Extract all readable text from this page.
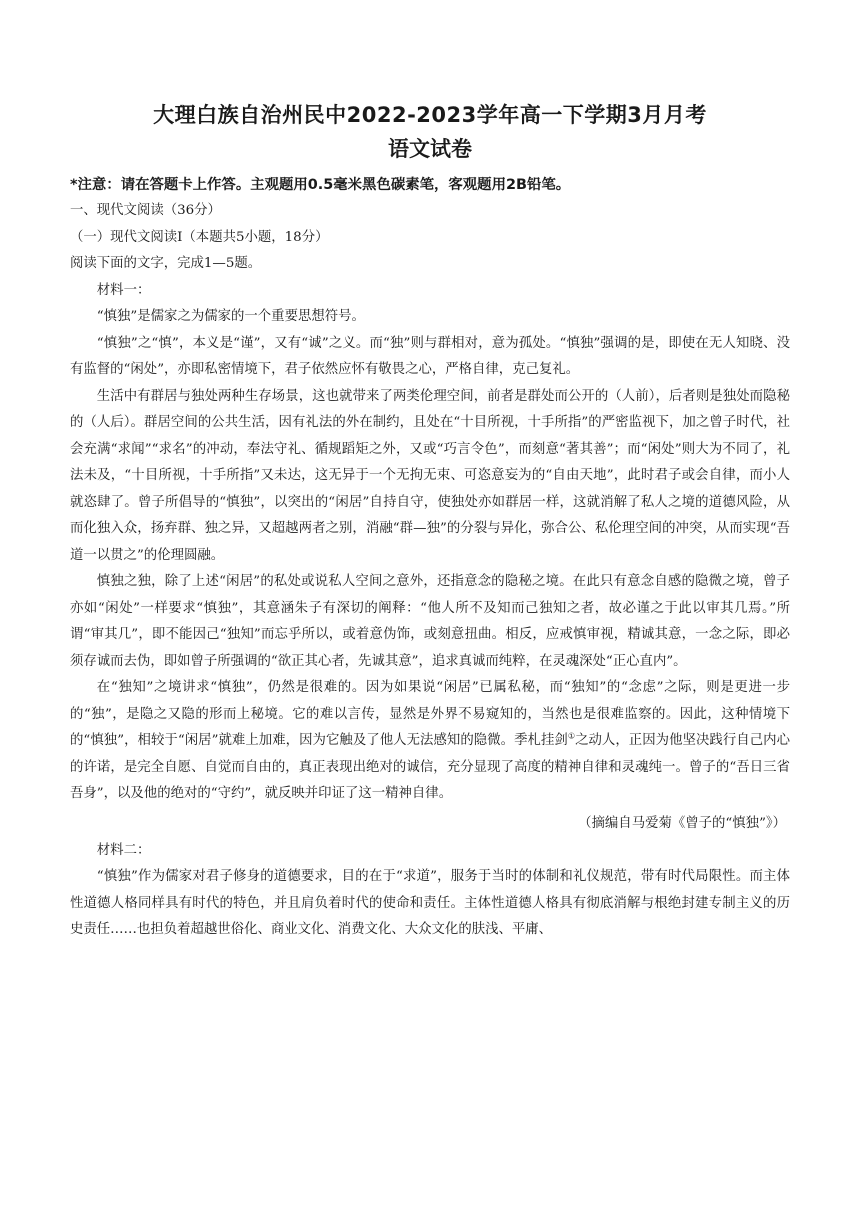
大理白族自治州民中2022-2023学年高一下学期3月月考
语文试卷

*注意：请在答题卡上作答。主观题用0.5毫米黑色碳素笔，客观题用2B铅笔。

一、现代文阅读（36分）

（一）现代文阅读Ⅰ（本题共5小题，18分）

阅读下面的文字，完成1—5题。

材料一：

“慎独”是儒家之为儒家的一个重要思想符号。

“慎独”之“慎”，本义是“谨”，又有“诚”之义。而“独”则与群相对，意为孤处。“慎独”强调的是，即使在无人知晓、没有监督的“闲处”，亦即私密情境下，君子依然应怀有敬畏之心，严格自律，克己复礼。

生活中有群居与独处两种生存场景，这也就带来了两类伦理空间，前者是群处而公开的（人前），后者则是独处而隐秘的（人后）。群居空间的公共生活，因有礼法的外在制约，且处在“十目所视，十手所指”的严密监视下，加之曾子时代，社会充满“求闻”“求名”的冲动，奉法守礼、循规蹈矩之外，又或“巧言令色”，而刻意“著其善”；而“闲处”则大为不同了，礼法未及，“十目所视，十手所指”又未达，这无异于一个无拘无束、可恣意妄为的“自由天地”，此时君子或会自律，而小人就恣肆了。曾子所倡导的“慎独”，以突出的“闲居”自持自守，使独处亦如群居一样，这就消解了私人之境的道德风险，从而化独入众，扬弃群、独之异，又超越两者之别，消融“群—独”的分裂与异化，弥合公、私伦理空间的冲突，从而实现“吾道一以贯之”的伦理圆融。

慎独之独，除了上述“闲居”的私处或说私人空间之意外，还指意念的隐秘之境。在此只有意念自感的隐微之境，曾子亦如“闲处”一样要求“慎独”，其意涵朱子有深切的阐释：“他人所不及知而己独知之者，故必谨之于此以审其几焉。”所谓“审其几”，即不能因己“独知”而忘乎所以，或着意伪饰，或刻意扭曲。相反，应戒慎审视，精诚其意，一念之际，即必须存诚而去伪，即如曾子所强调的“欲正其心者，先诚其意”，追求真诚而纯粹，在灵魂深处“正心直内”。

在“独知”之境讲求“慎独”，仍然是很难的。因为如果说“闲居”已属私秘，而“独知”的“念虑”之际，则是更进一步的“独”，是隐之又隐的形而上秘境。它的难以言传，显然是外界不易窥知的，当然也是很难监察的。因此，这种情境下的“慎独”，相较于“闲居”就难上加难，因为它触及了他人无法感知的隐微。季札挂剑①之动人，正因为他坚决践行自己内心的许诺，是完全自愿、自觉而自由的，真正表现出绝对的诚信，充分显现了高度的精神自律和灵魂纯一。曾子的“吾日三省吾身”，以及他的绝对的“守约”，就反映并印证了这一精神自律。

（摘编自马爱菊《曾子的“慎独”》）

材料二：

“慎独”作为儒家对君子修身的道德要求，目的在于“求道”，服务于当时的体制和礼仪规范，带有时代局限性。而主体性道德人格同样具有时代的特色，并且肩负着时代的使命和责任。主体性道德人格具有彻底消解与根绝封建专制主义的历史责任……也担负着超越世俗化、商业文化、消费文化、大众文化的肤浅、平庸、
